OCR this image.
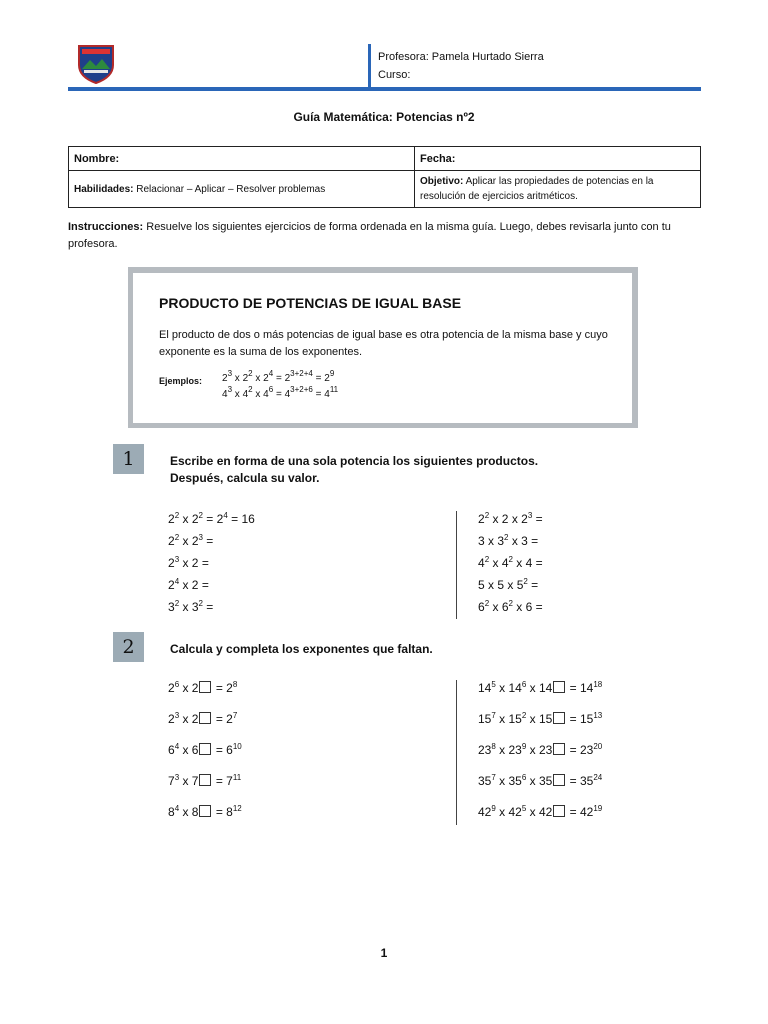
Profesora: Pamela Hurtado Sierra
Curso:
Guía Matemática: Potencias nº2
Nombre:	Fecha:
Habilidades: Relacionar – Aplicar – Resolver problemas	Objetivo: Aplicar las propiedades de potencias en la resolución de ejercicios aritméticos.
Instrucciones: Resuelve los siguientes ejercicios de forma ordenada en la misma guía. Luego, debes revisarla junto con tu profesora.
PRODUCTO DE POTENCIAS DE IGUAL BASE
El producto de dos o más potencias de igual base es otra potencia de la misma base y cuyo exponente es la suma de los exponentes.
Ejemplos: $2^3$ x $2^2$ x $2^4 = 2^{3+2+4} = 2^9$
$4^3$ x $4^2$ x $4^6 = 4^{3+2+6} = 4^{11}$
1	Escribe en forma de una sola potencia los siguientes productos.
Después, calcula su valor.
$2^2$ x $2^2 = 2^4 = 16$
$2^2$ x $2^3$ =
$2^3$ x 2 =
$2^4$ x 2 =
$3^2$ x $3^2$ =
$2^2$ x 2 x $2^3$ =
3 x $3^2$ x 3 =
$4^2$ x $4^2$ x 4 =
5 x 5 x $5^2$ =
$6^2$ x $6^2$ x 6 =
2	Calcula y completa los exponentes que faltan.
$2^6$ x $2 = 2^8$
$2^3$ x $2 = 2^7$
$6^4$ x $6 = 6^{10}$
$7^3$ x $7 = 7^{11}$
$8^4$ x $8 = 8^{12}$
$14^5$ x $14^6$ x $14 = 14^{18}$
$15^7$ x $15^2$ x $15 = 15^{13}$
$23^8$ x $23^9$ x $23 = 23^{20}$
$35^7$ x $35^6$ x $35 = 35^{24}$
$42^9$ x $42^5$ x $42 = 42^{19}$
1
